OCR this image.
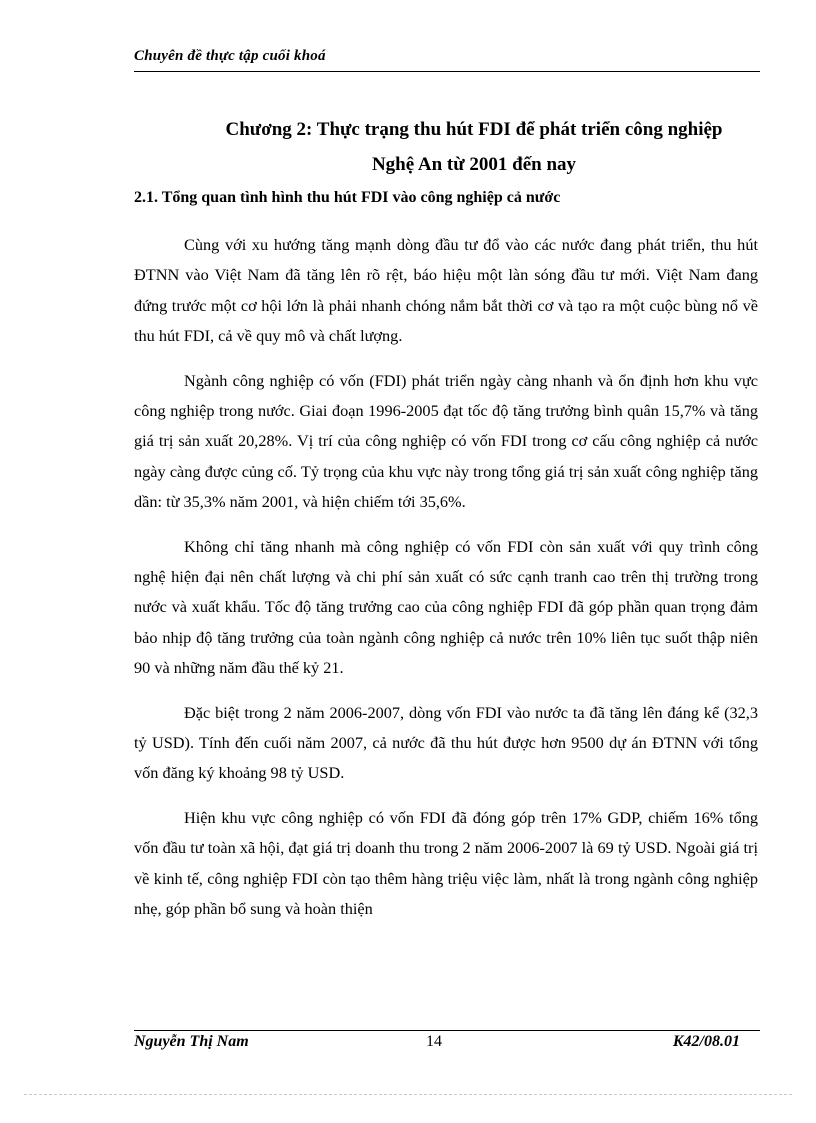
Chuyên đề thực tập cuối khoá
Chương 2: Thực trạng thu hút FDI để phát triển công nghiệp
Nghệ An từ 2001 đến nay
2.1. Tổng quan tình hình thu hút FDI vào công nghiệp cả nước

Cùng với xu hướng tăng mạnh dòng đầu tư đổ vào các nước đang phát triển, thu hút ĐTNN vào Việt Nam đã tăng lên rõ rệt, báo hiệu một làn sóng đầu tư mới. Việt Nam đang đứng trước một cơ hội lớn là phải nhanh chóng nắm bắt thời cơ và tạo ra một cuộc bùng nổ về thu hút FDI, cả về quy mô và chất lượng.

Ngành công nghiệp có vốn (FDI) phát triển ngày càng nhanh và ổn định hơn khu vực công nghiệp trong nước. Giai đoạn 1996-2005 đạt tốc độ tăng trưởng bình quân 15,7% và tăng giá trị sản xuất 20,28%. Vị trí của công nghiệp có vốn FDI trong cơ cấu công nghiệp cả nước ngày càng được củng cố. Tỷ trọng của khu vực này trong tổng giá trị sản xuất công nghiệp tăng dần: từ 35,3% năm 2001, và hiện chiếm tới 35,6%.

Không chỉ tăng nhanh mà công nghiệp có vốn FDI còn sản xuất với quy trình công nghệ hiện đại nên chất lượng và chi phí sản xuất có sức cạnh tranh cao trên thị trường trong nước và xuất khẩu. Tốc độ tăng trưởng cao của công nghiệp FDI đã góp phần quan trọng đảm bảo nhịp độ tăng trưởng của toàn ngành công nghiệp cả nước trên 10% liên tục suốt thập niên 90 và những năm đầu thế kỷ 21.

Đặc biệt trong 2 năm 2006-2007, dòng vốn FDI vào nước ta đã tăng lên đáng kể (32,3 tỷ USD). Tính đến cuối năm 2007, cả nước đã thu hút được hơn 9500 dự án ĐTNN với tổng vốn đăng ký khoảng 98 tỷ USD.

Hiện khu vực công nghiệp có vốn FDI đã đóng góp trên 17% GDP, chiếm 16% tổng vốn đầu tư toàn xã hội, đạt giá trị doanh thu trong 2 năm 2006-2007 là 69 tỷ USD. Ngoài giá trị về kinh tế, công nghiệp FDI còn tạo thêm hàng triệu việc làm, nhất là trong ngành công nghiệp nhẹ, góp phần bổ sung và hoàn thiện

Nguyễn Thị Nam	14	K42/08.01
